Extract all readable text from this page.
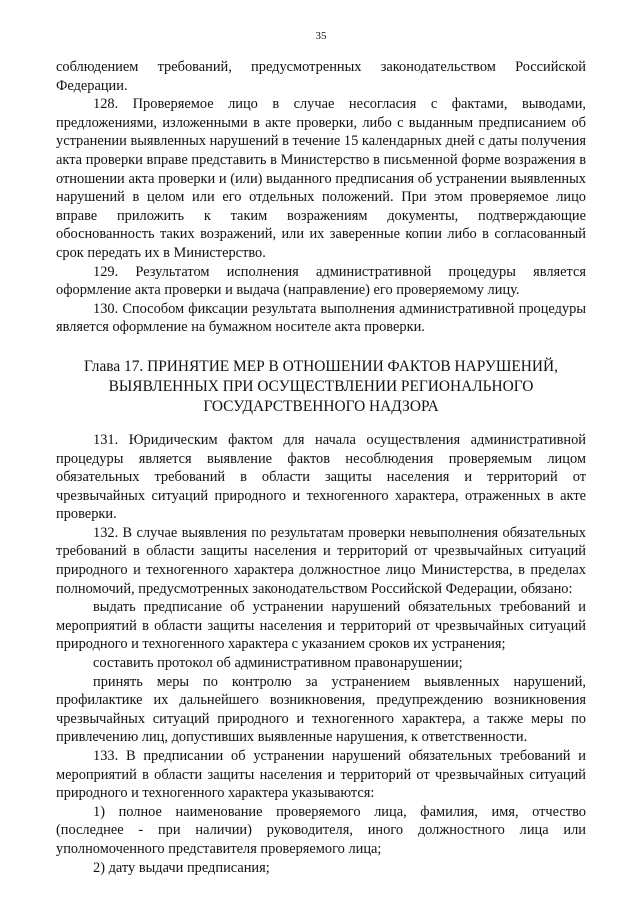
35

соблюдением требований, предусмотренных законодательством Российской Федерации.

128. Проверяемое лицо в случае несогласия с фактами, выводами, предложениями, изложенными в акте проверки, либо с выданным предписанием об устранении выявленных нарушений в течение 15 календарных дней с даты получения акта проверки вправе представить в Министерство в письменной форме возражения в отношении акта проверки и (или) выданного предписания об устранении выявленных нарушений в целом или его отдельных положений. При этом проверяемое лицо вправе приложить к таким возражениям документы, подтверждающие обоснованность таких возражений, или их заверенные копии либо в согласованный срок передать их в Министерство.

129. Результатом исполнения административной процедуры является оформление акта проверки и выдача (направление) его проверяемому лицу.

130. Способом фиксации результата выполнения административной процедуры является оформление на бумажном носителе акта проверки.

Глава 17. ПРИНЯТИЕ МЕР В ОТНОШЕНИИ ФАКТОВ НАРУШЕНИЙ,
ВЫЯВЛЕННЫХ ПРИ ОСУЩЕСТВЛЕНИИ РЕГИОНАЛЬНОГО
ГОСУДАРСТВЕННОГО НАДЗОРА

131. Юридическим фактом для начала осуществления административной процедуры является выявление фактов несоблюдения проверяемым лицом обязательных требований в области защиты населения и территорий от чрезвычайных ситуаций природного и техногенного характера, отраженных в акте проверки.

132. В случае выявления по результатам проверки невыполнения обязательных требований в области защиты населения и территорий от чрезвычайных ситуаций природного и техногенного характера должностное лицо Министерства, в пределах полномочий, предусмотренных законодательством Российской Федерации, обязано:

выдать предписание об устранении нарушений обязательных требований и мероприятий в области защиты населения и территорий от чрезвычайных ситуаций природного и техногенного характера с указанием сроков их устранения;

составить протокол об административном правонарушении;

принять меры по контролю за устранением выявленных нарушений, профилактике их дальнейшего возникновения, предупреждению возникновения чрезвычайных ситуаций природного и техногенного характера, а также меры по привлечению лиц, допустивших выявленные нарушения, к ответственности.

133. В предписании об устранении нарушений обязательных требований и мероприятий в области защиты населения и территорий от чрезвычайных ситуаций природного и техногенного характера указываются:

1) полное наименование проверяемого лица, фамилия, имя, отчество (последнее - при наличии) руководителя, иного должностного лица или уполномоченного представителя проверяемого лица;

2) дату выдачи предписания;
